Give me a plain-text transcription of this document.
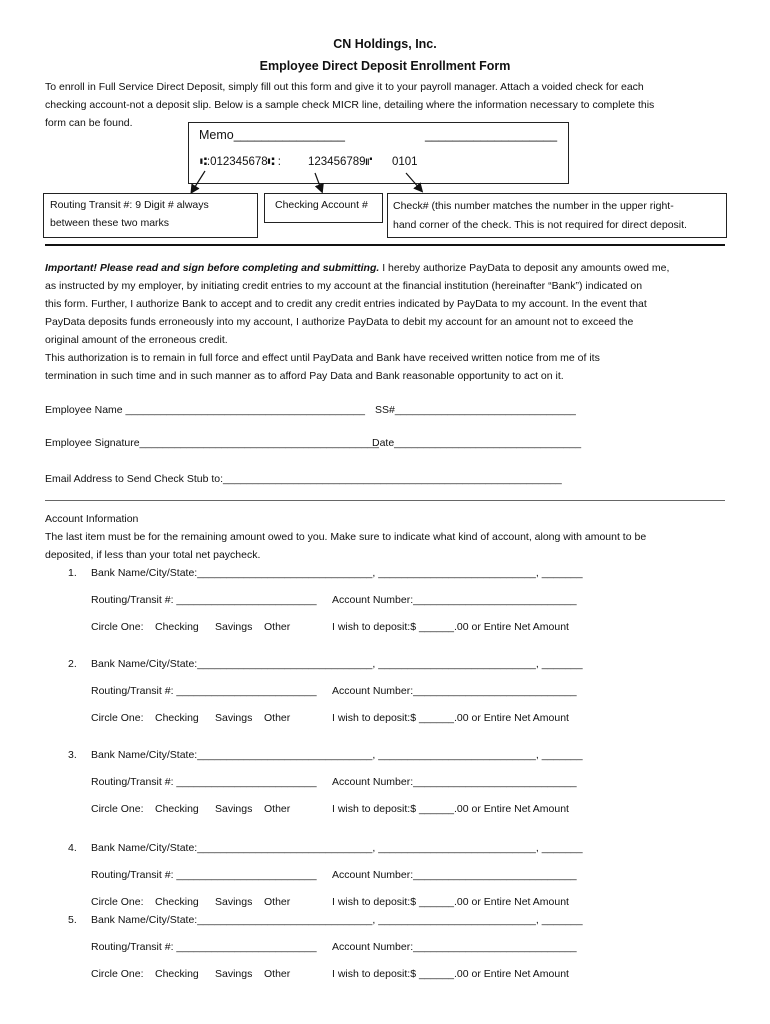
CN Holdings, Inc.
Employee Direct Deposit Enrollment Form

To enroll in Full Service Direct Deposit, simply fill out this form and give it to your payroll manager. Attach a voided check for each

checking account-not a deposit slip. Below is a sample check MICR line, detailing where the information necessary to complete this

form can be found.

Memo________________	___________________
⑆:012345678⑆ : 123456789⑈ 0101
Routing Transit #: 9 Digit # always
between these two marks
Checking Account # Check# (this number matches the number in the upper right-
hand corner of the check. This is not required for direct deposit.

Important! Please read and sign before completing and submitting. I hereby authorize PayData to deposit any amounts owed me,

as instructed by my employer, by initiating credit entries to my account at the financial institution (hereinafter “Bank”) indicated on

this form. Further, I authorize Bank to accept and to credit any credit entries indicated by PayData to my account. In the event that

PayData deposits funds erroneously into my account, I authorize PayData to debit my account for an amount not to exceed the

original amount of the erroneous credit.

This authorization is to remain in full force and effect until PayData and Bank have received written notice from me of its

termination in such time and in such manner as to afford Pay Data and Bank reasonable opportunity to act on it.

Employee Name _________________________________________ SS#_______________________________
Employee Signature_________________________________________
Date________________________________
Email Address to Send Check Stub to:__________________________________________________________
Account Information

The last item must be for the remaining amount owed to you. Make sure to indicate what kind of account, along with amount to be

deposited, if less than your total net paycheck.

1. Bank Name/City/State:______________________________, ___________________________, _______
Routing/Transit #: ________________________ Account Number:____________________________
Circle One: Checking Savings Other	I wish to deposit:$ ______.00 or Entire Net Amount
2. Bank Name/City/State:______________________________, ___________________________, _______
Routing/Transit #: ________________________ Account Number:____________________________
Circle One: Checking Savings Other	I wish to deposit:$ ______.00 or Entire Net Amount
3. Bank Name/City/State:______________________________, ___________________________, _______
Routing/Transit #: ________________________ Account Number:____________________________
Circle One: Checking Savings Other	I wish to deposit:$ ______.00 or Entire Net Amount
4. Bank Name/City/State:______________________________, ___________________________, _______
Routing/Transit #: ________________________ Account Number:____________________________
Circle One: Checking Savings Other	I wish to deposit:$ ______.00 or Entire Net Amount
5. Bank Name/City/State:______________________________, ___________________________, _______
Routing/Transit #: ________________________ Account Number:____________________________
Circle One: Checking Savings Other	I wish to deposit:$ ______.00 or Entire Net Amount
